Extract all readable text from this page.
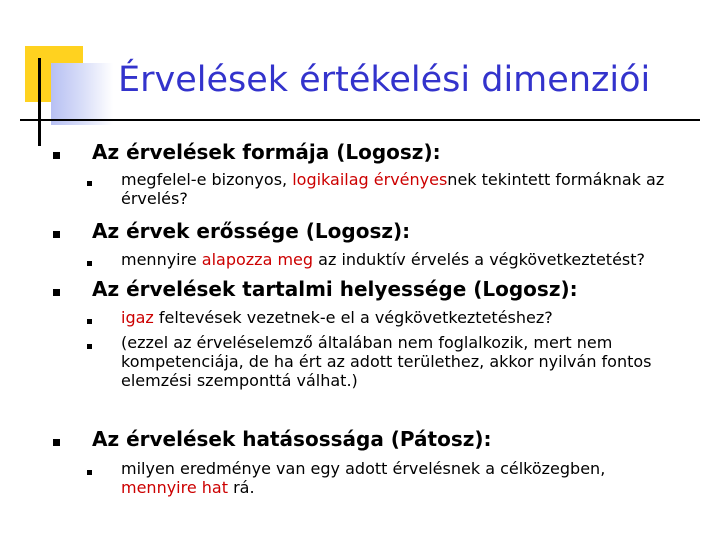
Érvelések értékelési dimenziói
Az érvelések formája (Logosz):
megfelel-e bizonyos, logikailag érvényesnek tekintett formáknak az érvelés?
Az érvek erőssége (Logosz):
mennyire alapozza meg az induktív érvelés a végkövetkeztetést?
Az érvelések tartalmi helyessége (Logosz):
igaz feltevések vezetnek-e el a végkövetkeztetéshez?
(ezzel az érveléselemző általában nem foglalkozik, mert nem kompetenciája, de ha ért az adott területhez, akkor nyilván fontos elemzési szemponttá válhat.)
Az érvelések hatásossága (Pátosz):
milyen eredménye van egy adott érvelésnek a célközegben, mennyire hat rá.
